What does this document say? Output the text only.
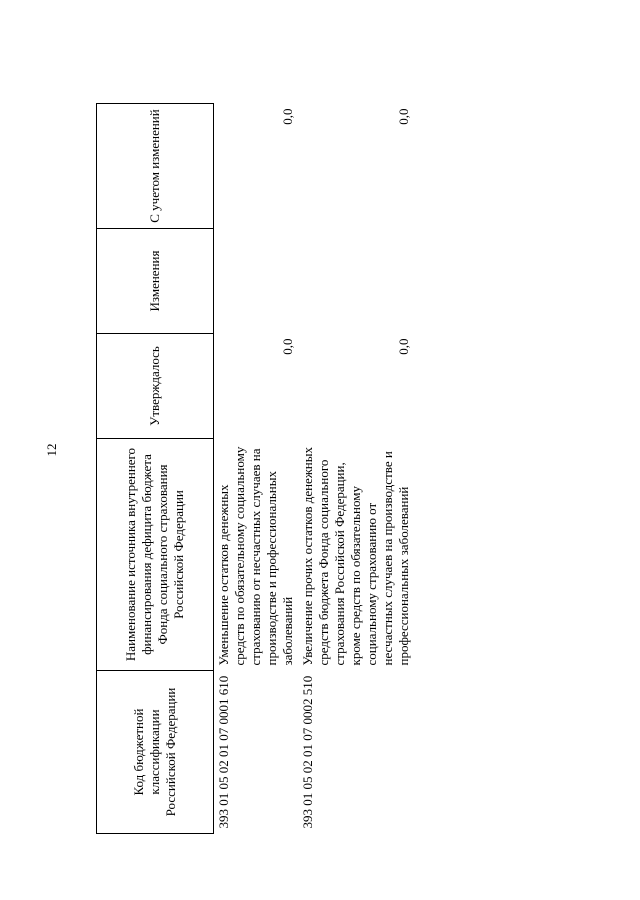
12
Код бюджетной классификации Российской Федерации	Наименование источника внутреннего финансирования дефицита бюджета Фонда социального страхования Российской Федерации	Утверждалось	Изменения	С учетом изменений
393 01 05 02 01 07 0001 610	Уменьшение остатков денежных средств по обязательному социальному страхованию от несчастных случаев на производстве и профессиональных заболеваний	0,0		0,0
393 01 05 02 01 07 0002 510	Увеличение прочих остатков денежных средств бюджета Фонда социального страхования Российской Федерации, кроме средств по обязательному социальному страхованию от несчастных случаев на производстве и профессиональных заболеваний	0,0		0,0
